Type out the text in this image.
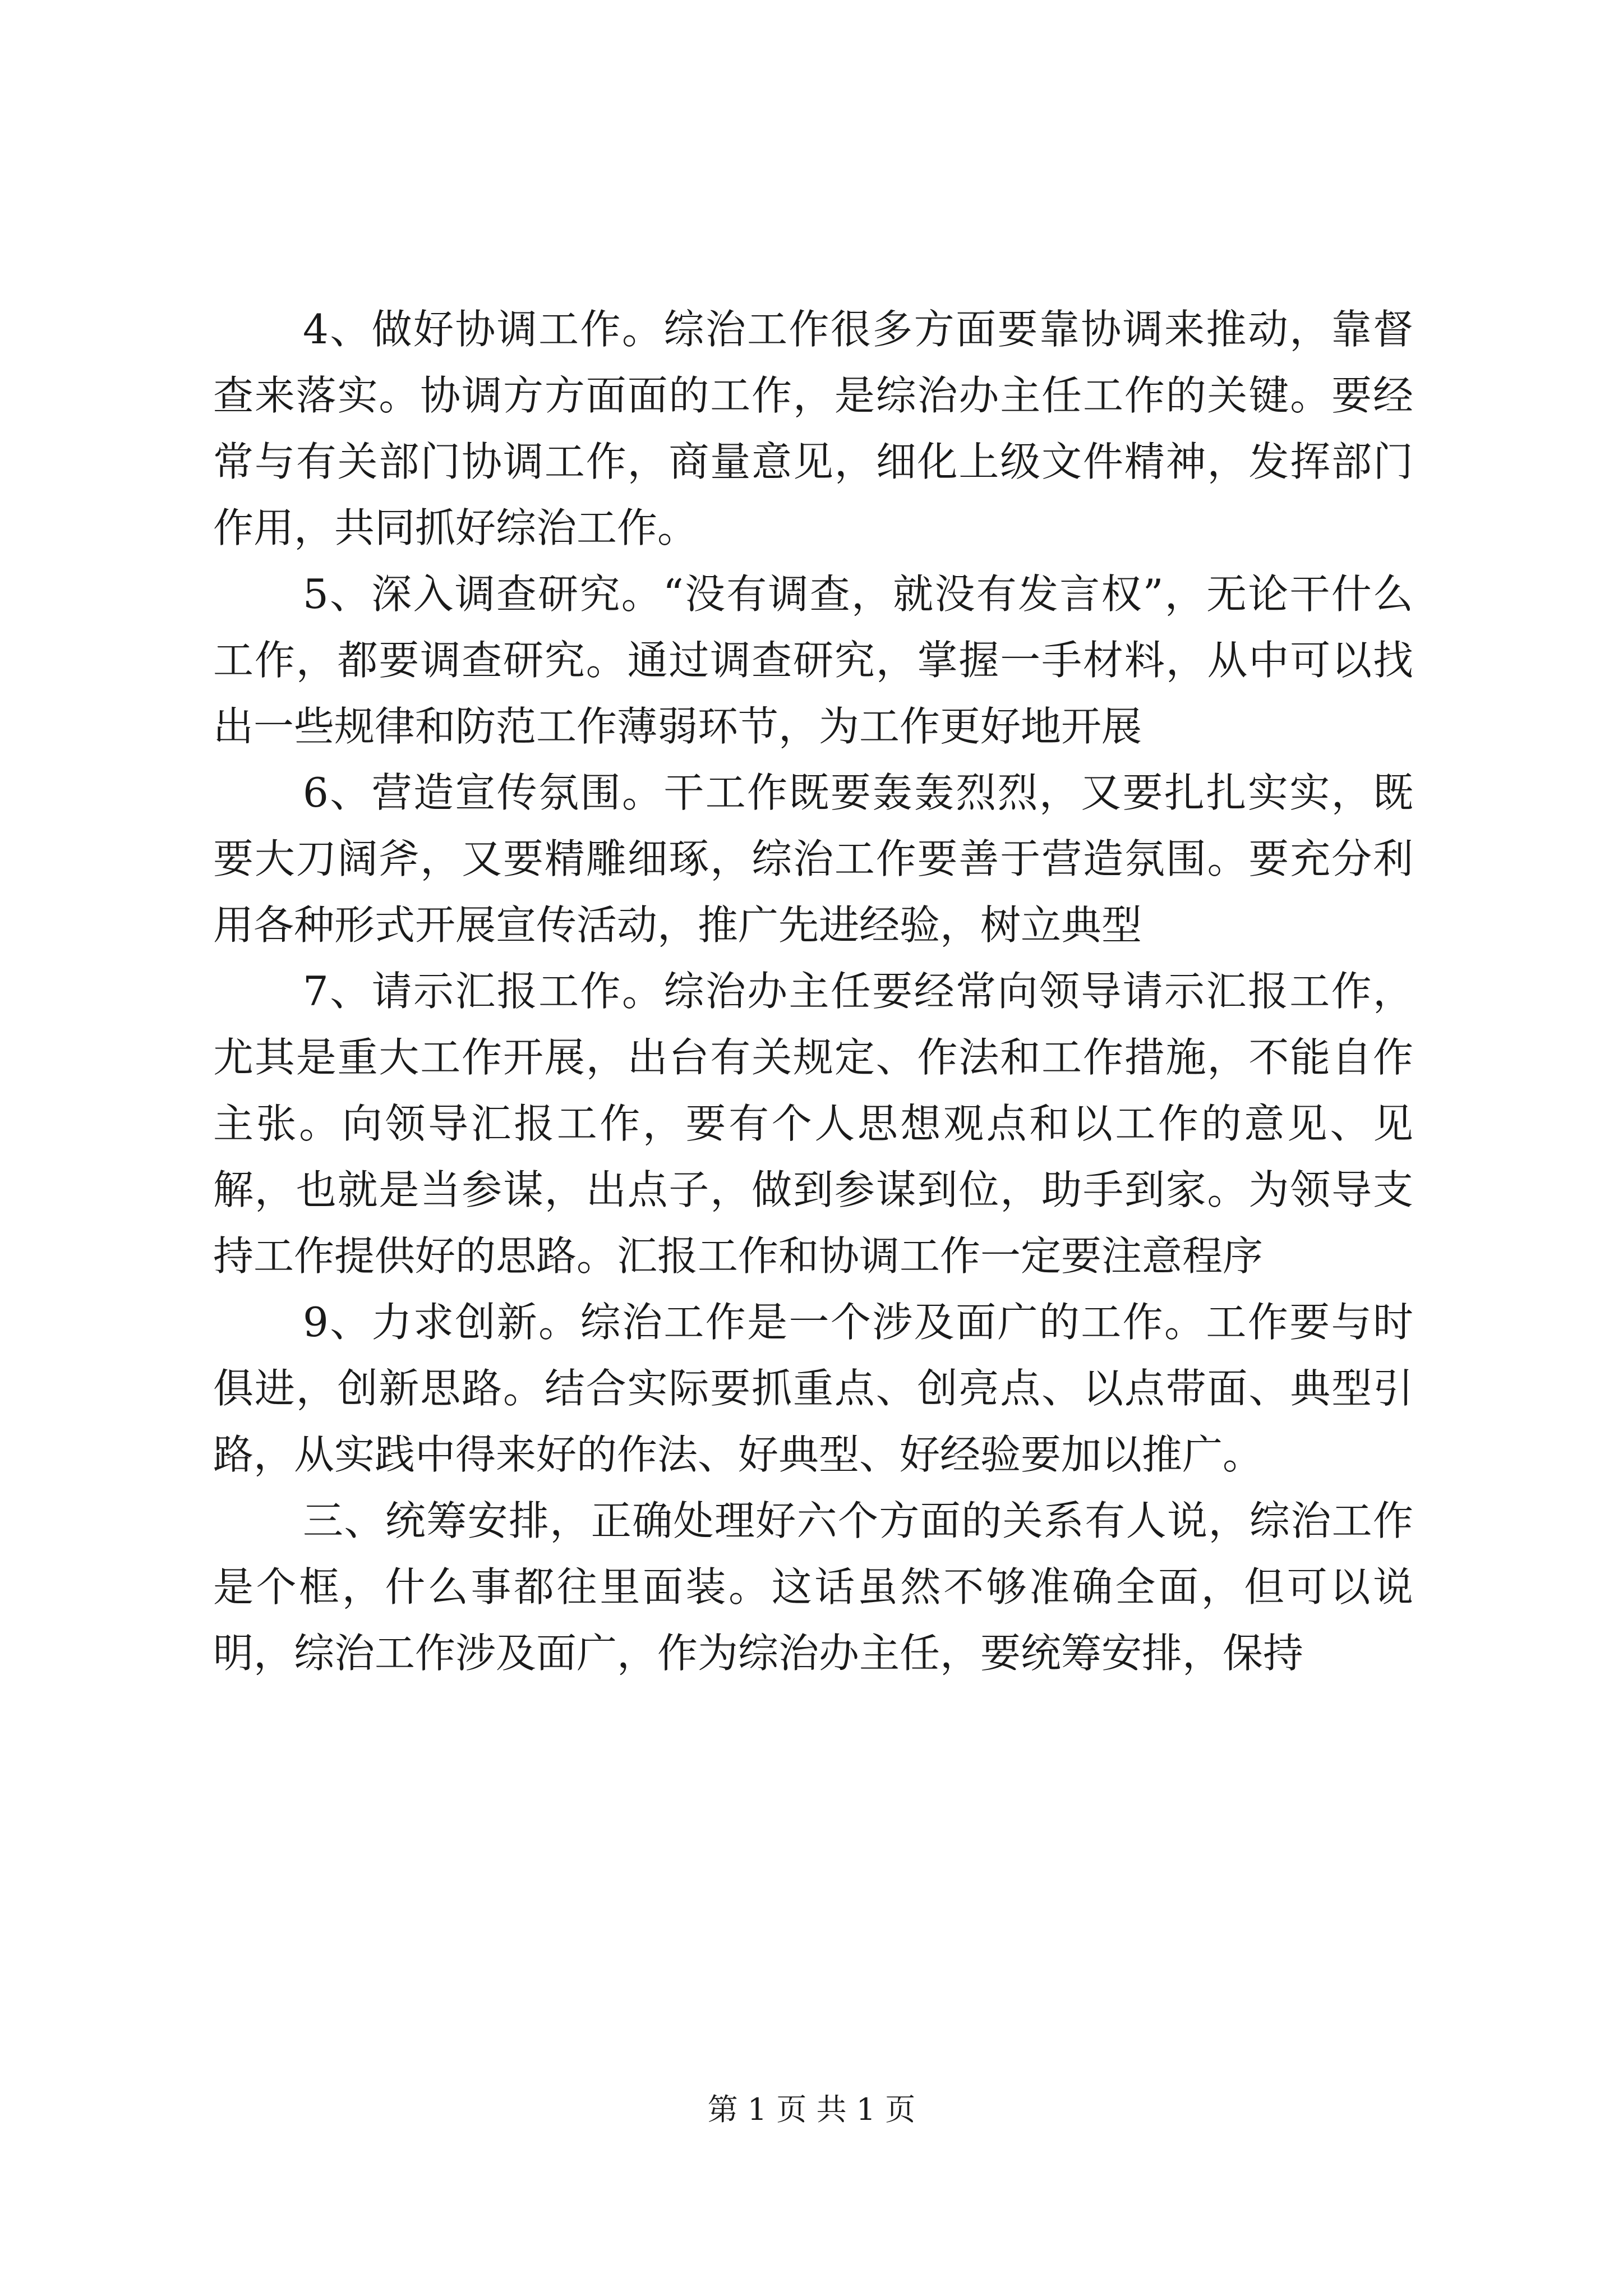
4、做好协调工作。综治工作很多方面要靠协调来推动，靠督查来落实。协调方方面面的工作，是综治办主任工作的关键。要经常与有关部门协调工作，商量意见，细化上级文件精神，发挥部门作用，共同抓好综治工作。

5、深入调查研究。“没有调查，就没有发言权”，无论干什么工作，都要调查研究。通过调查研究，掌握一手材料，从中可以找出一些规律和防范工作薄弱环节，为工作更好地开展

6、营造宣传氛围。干工作既要轰轰烈烈，又要扎扎实实，既要大刀阔斧，又要精雕细琢，综治工作要善于营造氛围。要充分利用各种形式开展宣传活动，推广先进经验，树立典型

7、请示汇报工作。综治办主任要经常向领导请示汇报工作，尤其是重大工作开展，出台有关规定、作法和工作措施，不能自作主张。向领导汇报工作，要有个人思想观点和以工作的意见、见解，也就是当参谋，出点子，做到参谋到位，助手到家。为领导支持工作提供好的思路。汇报工作和协调工作一定要注意程序

9、力求创新。综治工作是一个涉及面广的工作。工作要与时俱进，创新思路。结合实际要抓重点、创亮点、以点带面、典型引路，从实践中得来好的作法、好典型、好经验要加以推广。

三、统筹安排，正确处理好六个方面的关系有人说，综治工作是个框，什么事都往里面装。这话虽然不够准确全面，但可以说明，综治工作涉及面广，作为综治办主任，要统筹安排，保持

第 1 页 共 1 页
